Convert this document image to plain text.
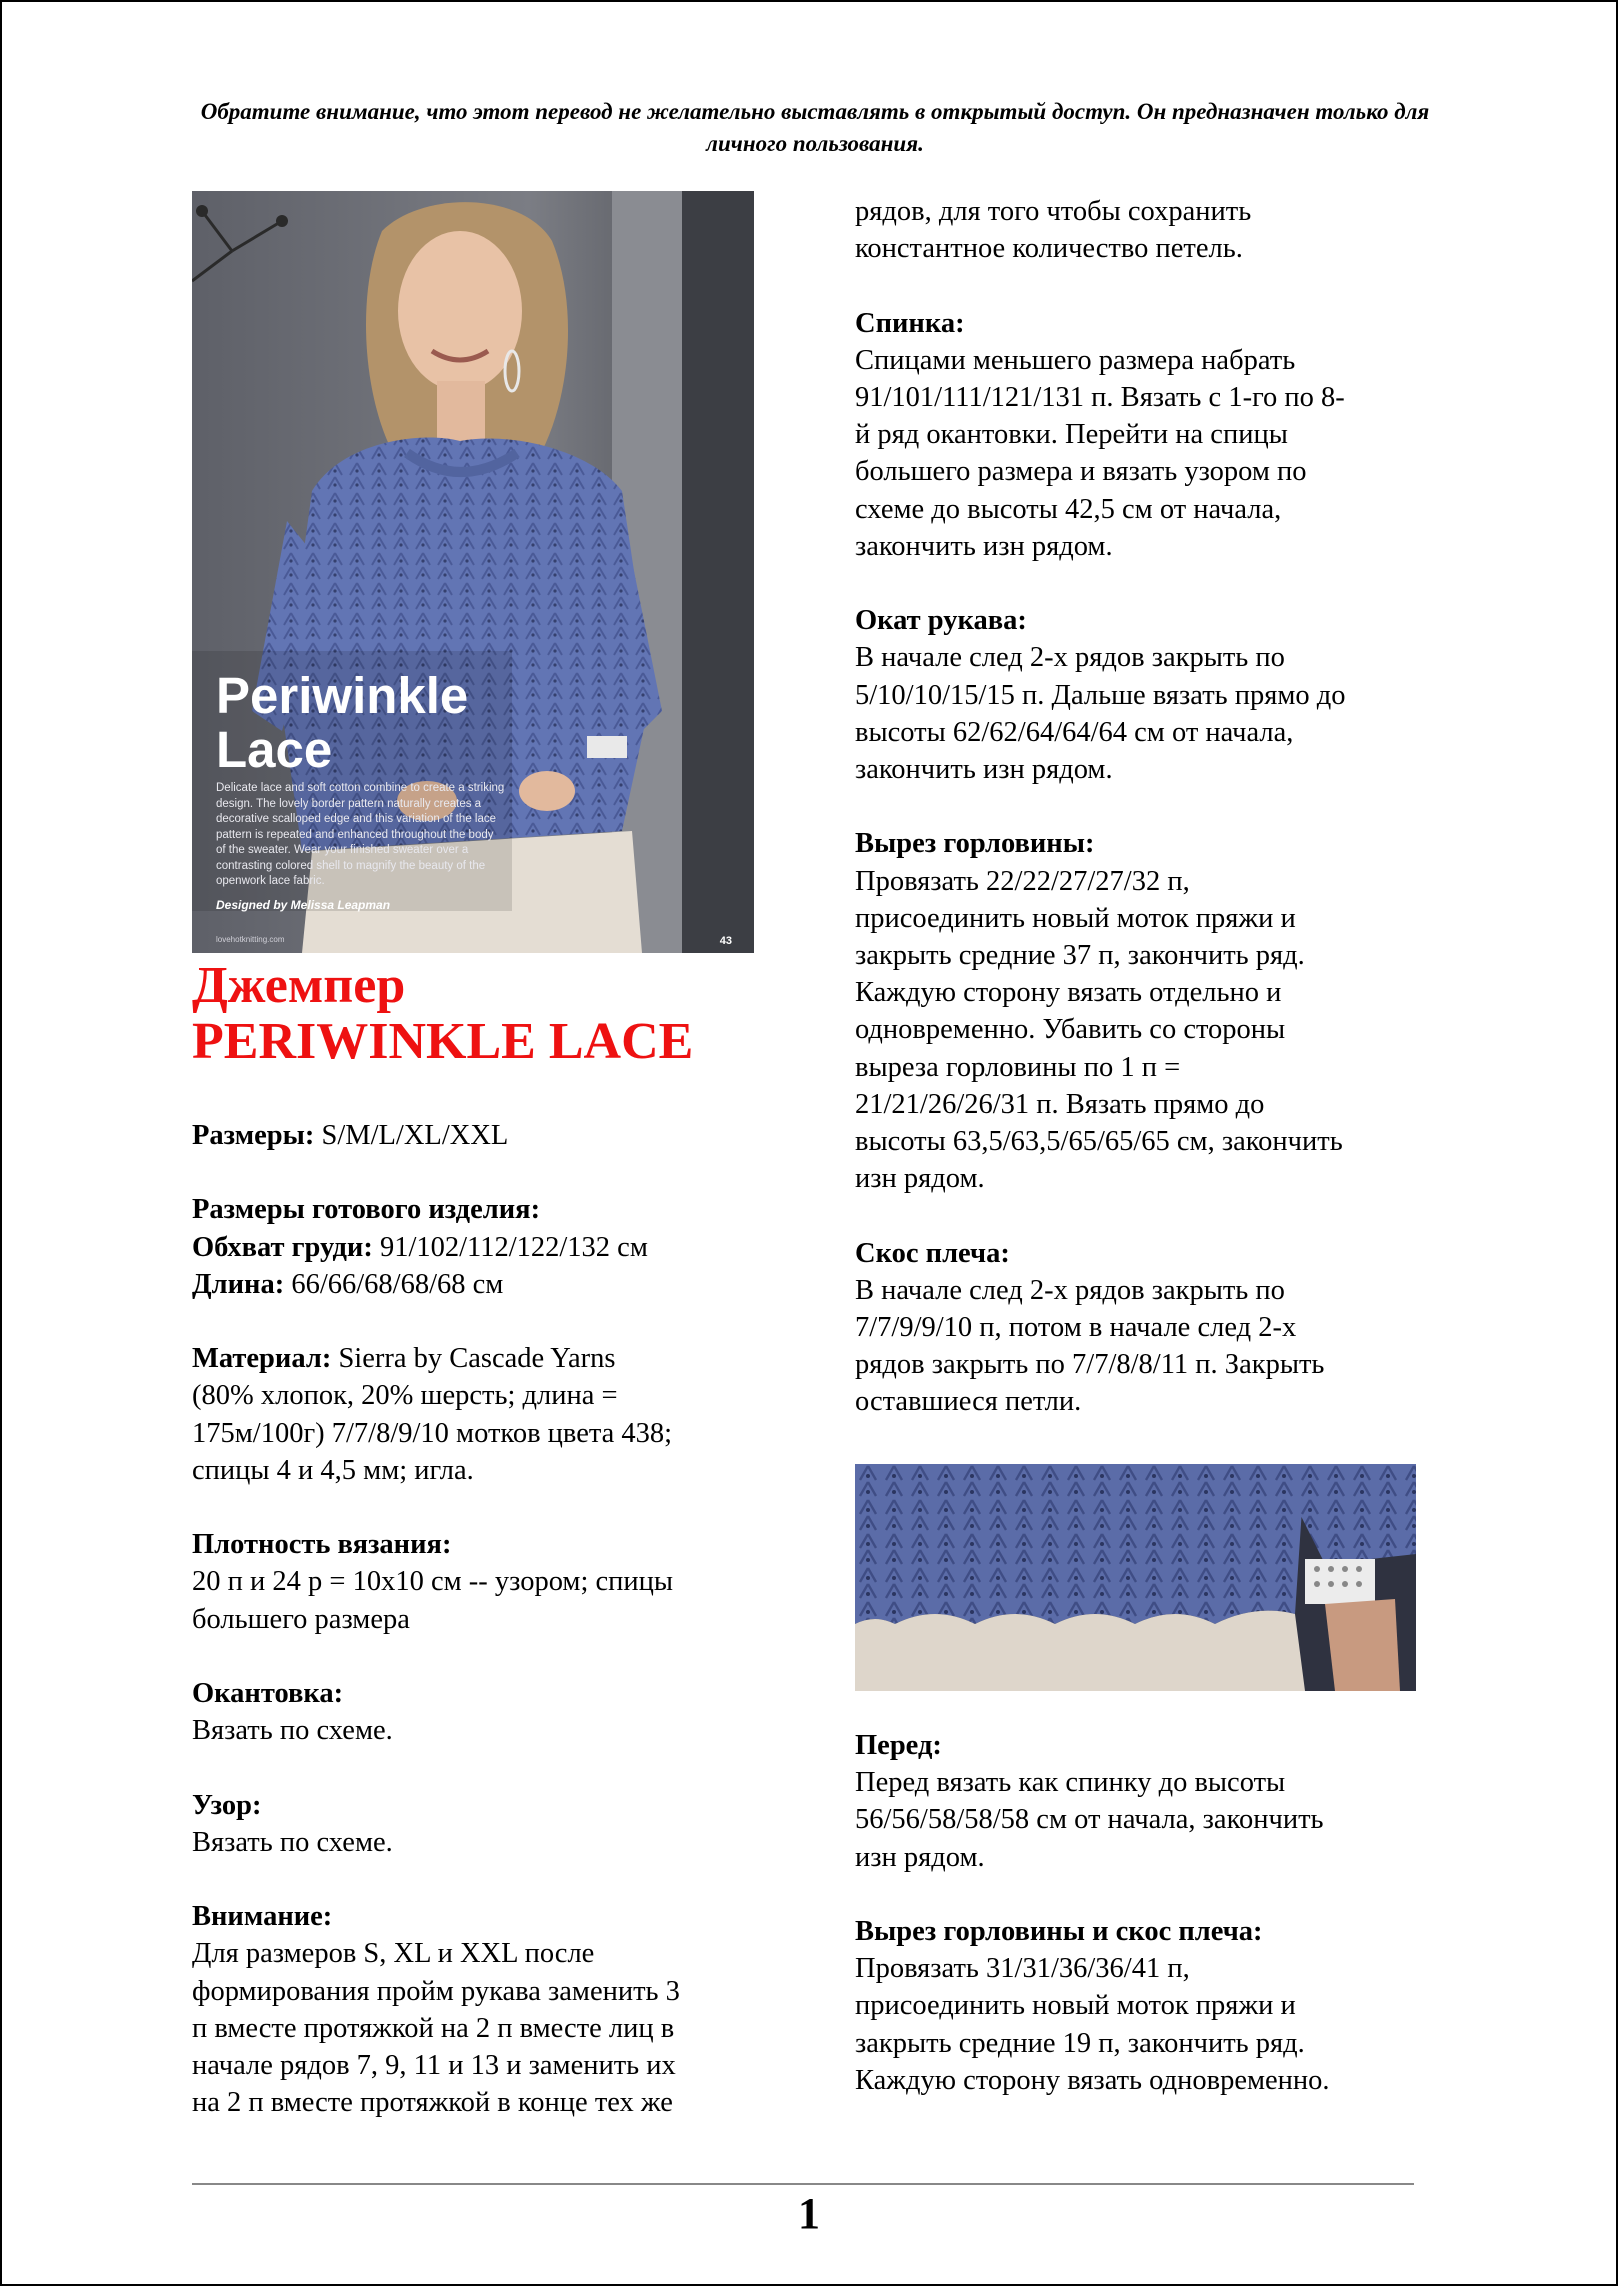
Обратите внимание, что этот перевод не желательно выставлять в открытый доступ. Он предназначен только для личного пользования.
Periwinkle
Lace
Delicate lace and soft cotton combine to create a striking design. The lovely border pattern naturally creates a decorative scalloped edge and this variation of the lace pattern is repeated and enhanced throughout the body of the sweater. Wear your finished sweater over a contrasting colored shell to magnify the beauty of the openwork lace fabric.
Designed by Melissa Leapman
lovehotknitting.com	43
Джемпер
PERIWINKLE LACE
Размеры: S/M/L/XL/XXL
Размеры готового изделия:
Обхват груди: 91/102/112/122/132 см
Длина: 66/66/68/68/68 см
Материал: Sierra by Cascade Yarns
(80% хлопок, 20% шерсть; длина =
175м/100г) 7/7/8/9/10 мотков цвета 438;
спицы 4 и 4,5 мм; игла.
Плотность вязания:
20 п и 24 р = 10х10 см -- узором; спицы
большего размера
Окантовка:
Вязать по схеме.
Узор:
Вязать по схеме.
Внимание:
Для размеров S, XL и XXL после
формирования пройм рукава заменить 3
п вместе протяжкой на 2 п вместе лиц в
начале рядов 7, 9, 11 и 13 и заменить их
на 2 п вместе протяжкой в конце тех же
рядов, для того чтобы сохранить
константное количество петель.
Спинка:
Спицами меньшего размера набрать
91/101/111/121/131 п. Вязать с 1-го по 8-
й ряд окантовки. Перейти на спицы
большего размера и вязать узором по
схеме до высоты 42,5 см от начала,
закончить изн рядом.
Окат рукава:
В начале след 2-х рядов закрыть по
5/10/10/15/15 п. Дальше вязать прямо до
высоты 62/62/64/64/64 см от начала,
закончить изн рядом.
Вырез горловины:
Провязать 22/22/27/27/32 п,
присоединить новый моток пряжи и
закрыть средние 37 п, закончить ряд.
Каждую сторону вязать отдельно и
одновременно. Убавить со стороны
выреза горловины по 1 п =
21/21/26/26/31 п. Вязать прямо до
высоты 63,5/63,5/65/65/65 см, закончить
изн рядом.
Скос плеча:
В начале след 2-х рядов закрыть по
7/7/9/9/10 п, потом в начале след 2-х
рядов закрыть по 7/7/8/8/11 п. Закрыть
оставшиеся петли.
Перед:
Перед вязать как спинку до высоты
56/56/58/58/58 см от начала, закончить
изн рядом.
Вырез горловины и скос плеча:
Провязать 31/31/36/36/41 п,
присоединить новый моток пряжи и
закрыть средние 19 п, закончить ряд.
Каждую сторону вязать одновременно.
1
